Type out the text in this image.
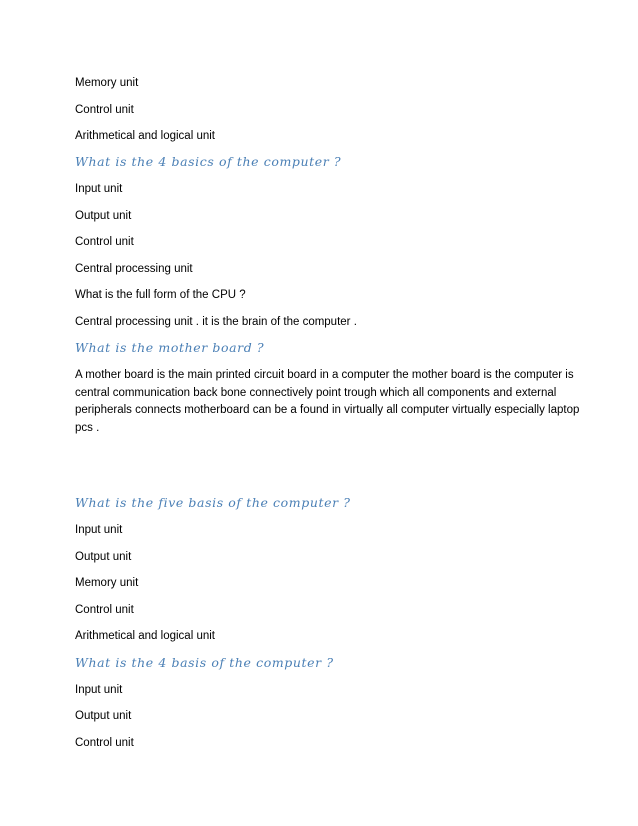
Memory unit
Control unit
Arithmetical and logical unit
What is the 4 basics of the computer ?
Input unit
Output unit
Control unit
Central processing unit
What is the full form of the CPU ?
Central processing unit . it is the brain of the computer .
What is the mother board ?
A mother board is the main printed circuit board in a computer the mother board is the computer is
central communication back bone connectively point trough which all components and external
peripherals connects motherboard can be a found in virtually all computer virtually especially laptop
pcs .
What is the five basis of the computer ?
Input unit
Output unit
Memory unit
Control unit
Arithmetical and logical unit
What is the 4 basis of the computer ?
Input unit
Output unit
Control unit
